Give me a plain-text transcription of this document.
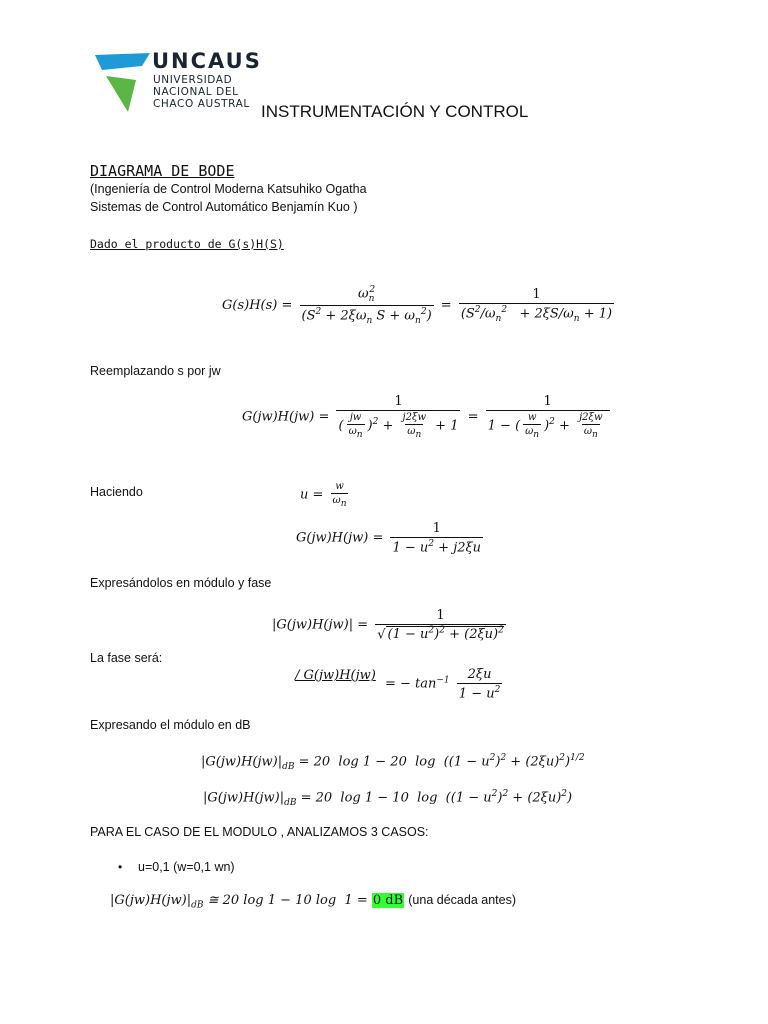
UNCAUS
UNIVERSIDAD
NACIONAL DEL
CHACO AUSTRAL INSTRUMENTACIÓN Y CONTROL
DIAGRAMA DE BODE
(Ingeniería de Control Moderna Katsuhiko Ogatha
Sistemas de Control Automático Benjamín Kuo )
Dado el producto de G(s)H(S)
$G(s)H(s) = \frac{\omega_n^2}{(S^2 + 2\xi\omega_n S + \omega_n^2)} = \frac{1}{(S^2/\omega_n^2 + 2\xi S/\omega_n + 1)}$
Reemplazando s por jw
$G(jw)H(jw) = \frac{1}{( \frac{jw}{\omega n} )^2 + \frac{j2\xi w}{\omega n} + 1} = \frac{1}{1 - ( \frac{w}{\omega n} )^2 + \frac{j2\xi w}{\omega n}}$
Haciendo	$u = \frac{w}{\omega n}$
$G(jw)H(jw) = \frac{1}{1 - u^2 + j2\xi u}$
Expresándolos en módulo y fase
$|G(jw)H(jw)| = \frac{1}{√ (1 - u^2)^2 + (2\xi u)^2}$
La fase será:
/ G(jw)H(jw)

= − $\tan^{-1} \frac{2\xi u}{1 - u^2}$
Expresando el módulo en dB
$|G(jw)H(jw)|_{dB} = 20$  log 1 − 20  $\log ((1 - u^2)^2 + (2\xi u)^2)^{1/2}$
$|G(jw)H(jw)|_{dB} = 20$  log 1 − 10  $\log ((1 - u^2)^2 + (2\xi u)^2)$
PARA EL CASO DE EL MODULO , ANALIZAMOS 3 CASOS:
• u=0,1 (w=0,1 wn)
$|G(jw)H(jw)|_{dB}$ ≅ 20 log 1 − 10 log  1 = 0 dB (una década antes)
